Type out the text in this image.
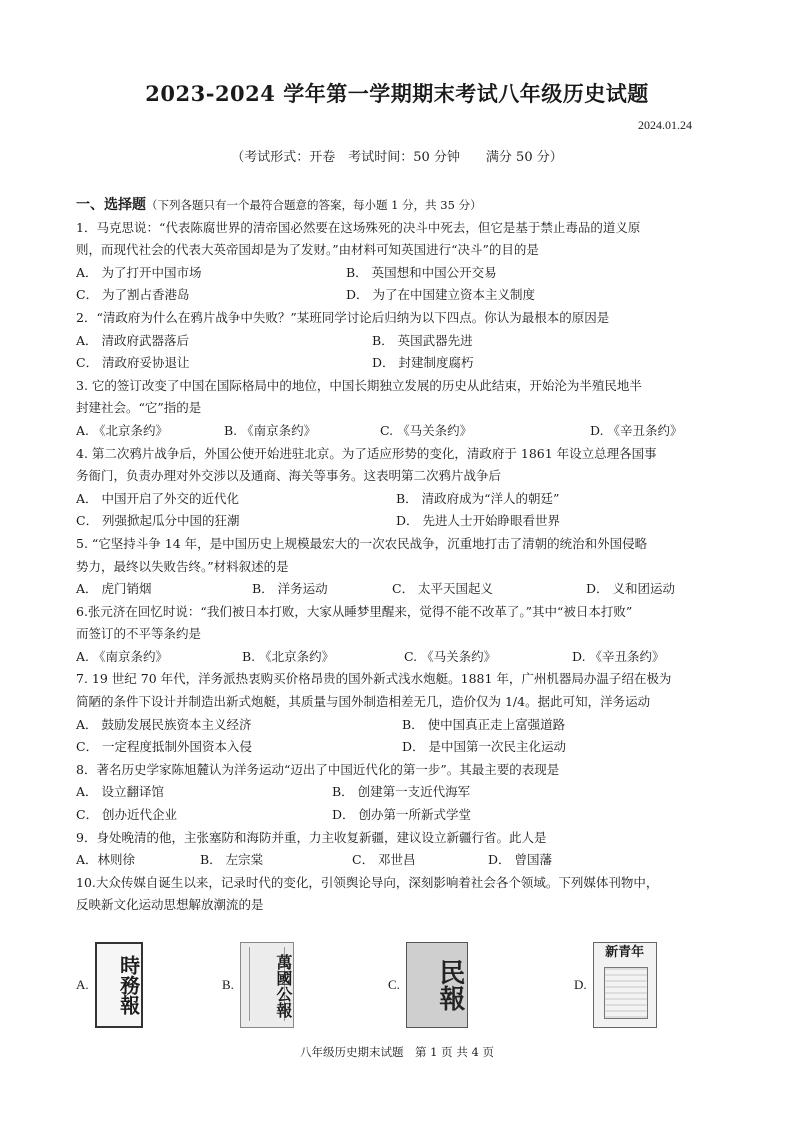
2023-2024 学年第一学期期末考试八年级历史试题
2024.01.24
（考试形式：开卷　考试时间：50 分钟　　满分 50 分）
一、选择题（下列各题只有一个最符合题意的答案，每小题 1 分，共 35 分）
1．马克思说：“代表陈腐世界的清帝国必然要在这场殊死的决斗中死去，但它是基于禁止毒品的道义原
则，而现代社会的代表大英帝国却是为了发财。”由材料可知英国进行“决斗”的目的是
A． 为了打开中国市场	B． 英国想和中国公开交易
C． 为了割占香港岛	D． 为了在中国建立资本主义制度
2．“清政府为什么在鸦片战争中失败？”某班同学讨论后归纳为以下四点。你认为最根本的原因是
A． 清政府武器落后	B． 英国武器先进
C． 清政府妥协退让	D． 封建制度腐朽
3. 它的签订改变了中国在国际格局中的地位，中国长期独立发展的历史从此结束，开始沦为半殖民地半
封建社会。“它”指的是
A. 《北京条约》	B. 《南京条约》	C. 《马关条约》	D. 《辛丑条约》
4. 第二次鸦片战争后，外国公使开始进驻北京。为了适应形势的变化，清政府于 1861 年设立总理各国事
务衙门，负责办理对外交涉以及通商、海关等事务。这表明第二次鸦片战争后
A． 中国开启了外交的近代化	B． 清政府成为“洋人的朝廷”
C． 列强掀起瓜分中国的狂潮	D． 先进人士开始睁眼看世界
5. “它坚持斗争 14 年，是中国历史上规模最宏大的一次农民战争，沉重地打击了清朝的统治和外国侵略
势力，最终以失败告终。”材料叙述的是
A． 虎门销烟	B． 洋务运动	C． 太平天国起义	D． 义和团运动
6.张元济在回忆时说：“我们被日本打败，大家从睡梦里醒来，觉得不能不改革了。”其中“被日本打败”
而签订的不平等条约是
A. 《南京条约》	B. 《北京条约》	C. 《马关条约》	D. 《辛丑条约》
7. 19 世纪 70 年代，洋务派热衷购买价格昂贵的国外新式浅水炮艇。1881 年，广州机器局办温子绍在极为
简陋的条件下设计并制造出新式炮艇，其质量与国外制造相差无几，造价仅为 1/4。据此可知，洋务运动
A． 鼓励发展民族资本主义经济	B． 使中国真正走上富强道路
C． 一定程度抵制外国资本入侵	D． 是中国第一次民主化运动
8．著名历史学家陈旭麓认为洋务运动“迈出了中国近代化的第一步”。其最主要的表现是
A． 设立翻译馆	B． 创建第一支近代海军
C． 创办近代企业	D． 创办第一所新式学堂
9．身处晚清的他，主张塞防和海防并重，力主收复新疆，建议设立新疆行省。此人是
A．林则徐	B． 左宗棠	C． 邓世昌	D． 曾国藩
10.大众传媒自诞生以来，记录时代的变化，引领舆论导向，深刻影响着社会各个领域。下列媒体刊物中，
反映新文化运动思想解放潮流的是
A.	時務報	B.	萬國公報	C.	民報	D.
新青年
八年级历史期末试题　第 1 页 共 4 页
